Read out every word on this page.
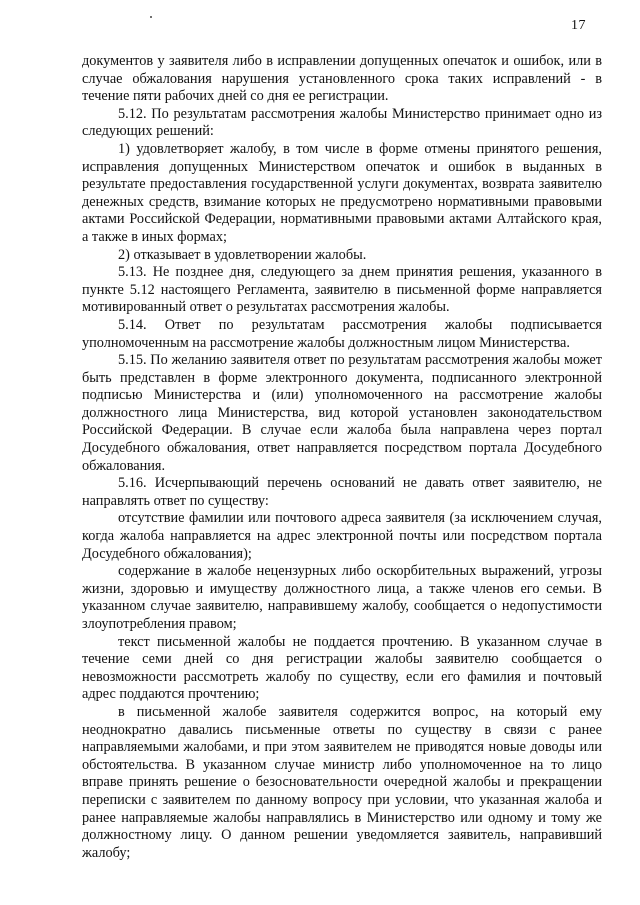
17

документов у заявителя либо в исправлении допущенных опечаток и ошибок, или в случае обжалования нарушения установленного срока таких исправлений - в течение пяти рабочих дней со дня ее регистрации.

5.12. По результатам рассмотрения жалобы Министерство принимает одно из следующих решений:

1) удовлетворяет жалобу, в том числе в форме отмены принятого решения, исправления допущенных Министерством опечаток и ошибок в выданных в результате предоставления государственной услуги документах, возврата заявителю денежных средств, взимание которых не предусмотрено нормативными правовыми актами Российской Федерации, нормативными правовыми актами Алтайского края, а также в иных формах;

2) отказывает в удовлетворении жалобы.

5.13. Не позднее дня, следующего за днем принятия решения, указанного в пункте 5.12 настоящего Регламента, заявителю в письменной форме направляется мотивированный ответ о результатах рассмотрения жалобы.

5.14. Ответ по результатам рассмотрения жалобы подписывается уполномоченным на рассмотрение жалобы должностным лицом Министерства.

5.15. По желанию заявителя ответ по результатам рассмотрения жалобы может быть представлен в форме электронного документа, подписанного электронной подписью Министерства и (или) уполномоченного на рассмотрение жалобы должностного лица Министерства, вид которой установлен законодательством Российской Федерации. В случае если жалоба была направлена через портал Досудебного обжалования, ответ направляется посредством портала Досудебного обжалования.

5.16. Исчерпывающий перечень оснований не давать ответ заявителю, не направлять ответ по существу:

отсутствие фамилии или почтового адреса заявителя (за исключением случая, когда жалоба направляется на адрес электронной почты или посредством портала Досудебного обжалования);

содержание в жалобе нецензурных либо оскорбительных выражений, угрозы жизни, здоровью и имуществу должностного лица, а также членов его семьи. В указанном случае заявителю, направившему жалобу, сообщается о недопустимости злоупотребления правом;

текст письменной жалобы не поддается прочтению. В указанном случае в течение семи дней со дня регистрации жалобы заявителю сообщается о невозможности рассмотреть жалобу по существу, если его фамилия и почтовый адрес поддаются прочтению;

в письменной жалобе заявителя содержится вопрос, на который ему неоднократно давались письменные ответы по существу в связи с ранее направляемыми жалобами, и при этом заявителем не приводятся новые доводы или обстоятельства. В указанном случае министр либо уполномоченное на то лицо вправе принять решение о безосновательности очередной жалобы и прекращении переписки с заявителем по данному вопросу при условии, что указанная жалоба и ранее направляемые жалобы направлялись в Министерство или одному и тому же должностному лицу. О данном решении уведомляется заявитель, направивший жалобу;
